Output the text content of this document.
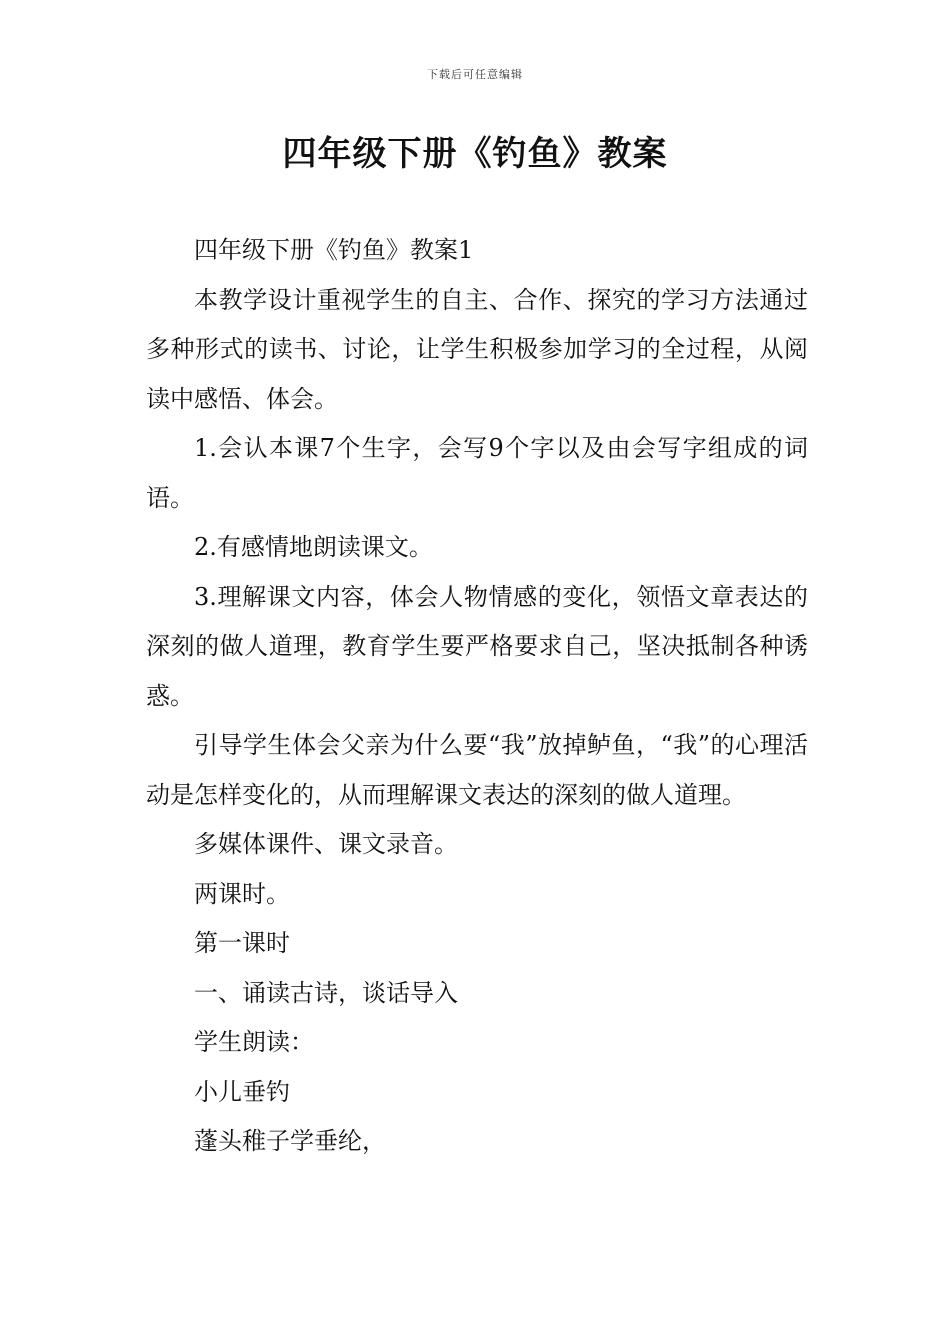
下载后可任意编辑
四年级下册《钓鱼》教案

四年级下册《钓鱼》教案1

本教学设计重视学生的自主、合作、探究的学习方法通过多种形式的读书、讨论，让学生积极参加学习的全过程，从阅读中感悟、体会。

1.会认本课7个生字，会写9个字以及由会写字组成的词语。

2.有感情地朗读课文。

3.理解课文内容，体会人物情感的变化，领悟文章表达的深刻的做人道理，教育学生要严格要求自己，坚决抵制各种诱惑。

引导学生体会父亲为什么要“我”放掉鲈鱼，“我”的心理活动是怎样变化的，从而理解课文表达的深刻的做人道理。

多媒体课件、课文录音。

两课时。

第一课时

一、诵读古诗，谈话导入

学生朗读：

小儿垂钓

蓬头稚子学垂纶，
